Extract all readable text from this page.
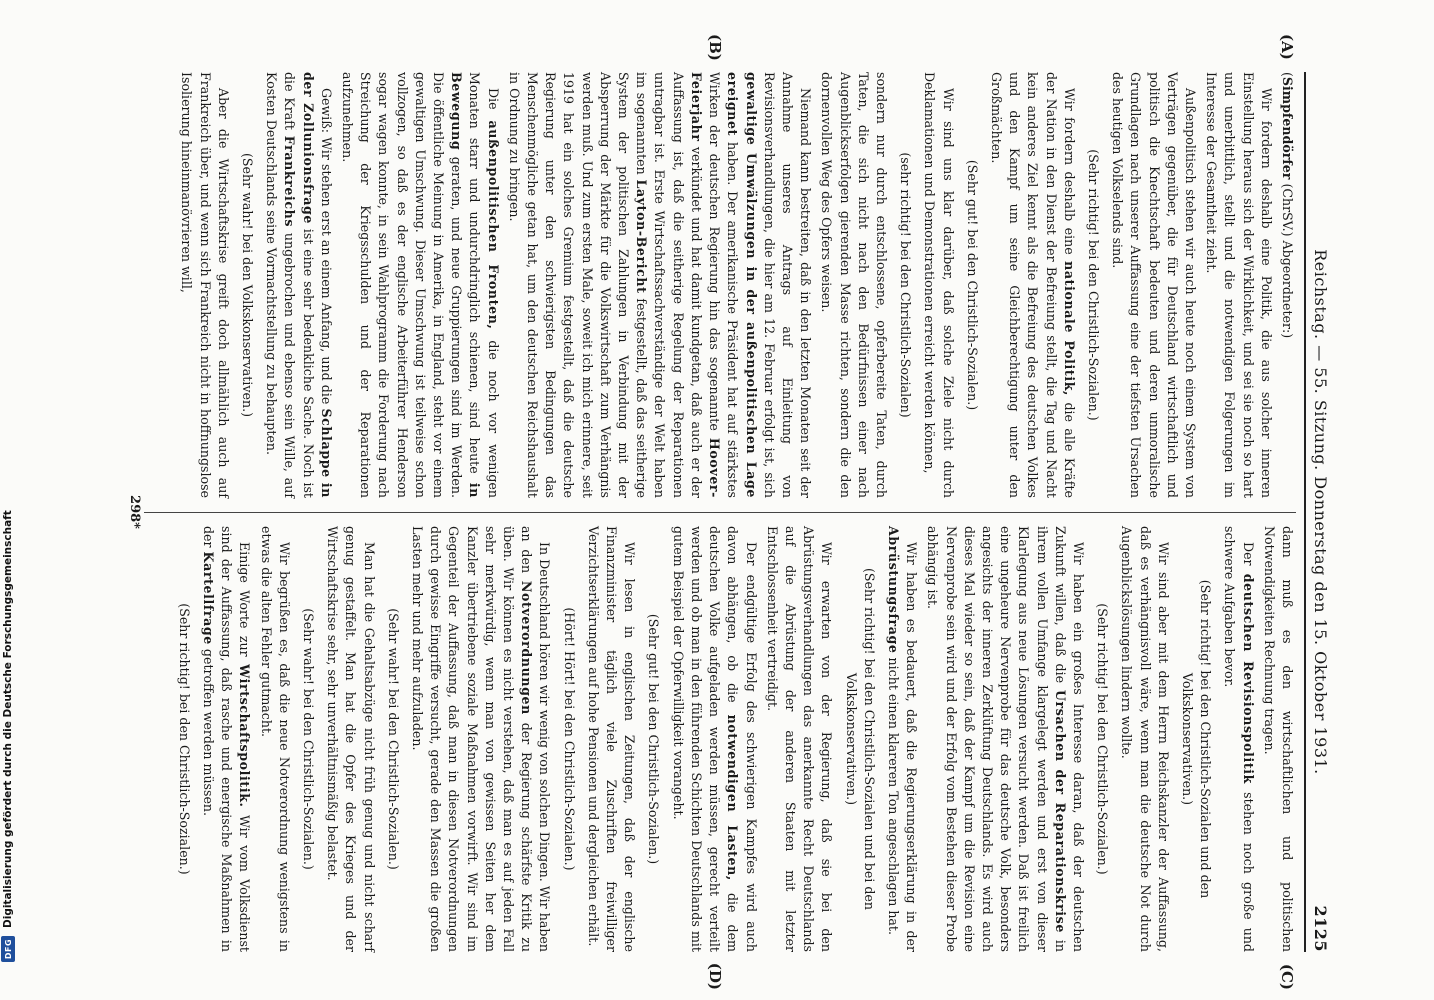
2125
Reichstag. — 55. Sitzung. Donnerstag den 15. Oktober 1931.
(A)
(B)
(C)
(D)

(Simpfendörfer (ChrSV.) Abgeordneter:)

Wir fordern deshalb eine Politik, die aus solcher inneren Einstellung heraus sich der Wirklichkeit, und sei sie noch so hart und unerbittlich, stellt und die notwendigen Folgerungen im Interesse der Gesamtheit zieht.

Außenpolitisch stehen wir auch heute noch einem System von Verträgen gegenüber, die für Deutschland wirtschaftlich und politisch die Knechtschaft bedeuten und deren unmoralische Grundlagen nach unserer Auffassung eine der tiefsten Ursachen des heutigen Volkselends sind.

(Sehr richtig! bei den Christlich-Sozialen.)

Wir fordern deshalb eine nationale Politik, die alle Kräfte der Nation in den Dienst der Befreiung stellt, die Tag und Nacht kein anderes Ziel kennt als die Befreiung des deutschen Volkes und den Kampf um seine Gleichberechtigung unter den Großmächten.

(Sehr gut! bei den Christlich-Sozialen.)

Wir sind uns klar darüber, daß solche Ziele nicht durch Deklamationen und Demonstrationen erreicht werden können,

(sehr richtig! bei den Christlich-Sozialen)

sondern nur durch entschlossene, opferbereite Taten, durch Taten, die sich nicht nach den Bedürfnissen einer nach Augenblickserfolgen gierenden Masse richten, sondern die den dornenvollen Weg des Opfers weisen.

Niemand kann bestreiten, daß in den letzten Monaten seit der Annahme unseres Antrags auf Einleitung von Revisionsverhandlungen, die hier am 12. Februar erfolgt ist, sich gewaltige Umwälzungen in der außenpolitischen Lage ereignet haben. Der amerikanische Präsident hat auf stärkstes Wirken der deutschen Regierung hin das sogenannte Hoover-Feierjahr verkündet und hat damit kundgetan, daß auch er der Auffassung ist, daß die seitherige Regelung der Reparationen untragbar ist. Erste Wirtschaftssachverständige der Welt haben im sogenannten Layton-Bericht festgestellt, daß das seitherige System der politischen Zahlungen in Verbindung mit der Absperrung der Märkte für die Volkswirtschaft zum Verhängnis werden muß. Und zum ersten Male, soweit ich mich erinnere, seit 1919 hat ein solches Gremium festgestellt, daß die deutsche Regierung unter den schwierigsten Bedingungen das Menschenmögliche getan hat, um den deutschen Reichshaushalt in Ordnung zu bringen.

Die außenpolitischen Fronten, die noch vor wenigen Monaten starr und undurchdringlich schienen, sind heute in Bewegung geraten, und neue Gruppierungen sind im Werden. Die öffentliche Meinung in Amerika, in England, steht vor einem gewaltigen Umschwung. Dieser Umschwung ist teilweise schon vollzogen, so daß es der englische Arbeiterführer Henderson sogar wagen konnte, in sein Wahlprogramm die Forderung nach Streichung der Kriegsschulden und der Reparationen aufzunehmen.

Gewiß: Wir stehen erst an einem Anfang, und die Schlappe in der Zollunionsfrage ist eine sehr bedenkliche Sache. Noch ist die Kraft Frankreichs ungebrochen und ebenso sein Wille, auf Kosten Deutschlands seine Vormachtstellung zu behaupten.

(Sehr wahr! bei den Volkskonservativen.)

Aber die Wirtschaftskrise greift doch allmählich auch auf Frankreich über, und wenn sich Frankreich nicht in hoffnungslose Isolierung hineinmanövrieren will,

dann muß es den wirtschaftlichen und politischen Notwendigkeiten Rechnung tragen.

Der deutschen Revisionspolitik stehen noch große und schwere Aufgaben bevor.

(Sehr richtig! bei den Christlich-Sozialen und den Volkskonservativen.)

Wir sind aber mit dem Herrn Reichskanzler der Auffassung, daß es verhängnisvoll wäre, wenn man die deutsche Not durch Augenblickslösungen lindern wollte.

(Sehr richtig! bei den Christlich-Sozialen.)

Wir haben ein großes Interesse daran, daß der deutschen Zukunft willen, daß die Ursachen der Reparationskrise in ihrem vollen Umfange klargelegt werden und erst von dieser Klarlegung aus neue Lösungen versucht werden. Daß ist freilich eine ungeheure Nervenprobe für das deutsche Volk, besonders angesichts der inneren Zerklüftung Deutschlands. Es wird auch dieses Mal wieder so sein, daß der Kampf um die Revision eine Nervenprobe sein wird und der Erfolg vom Bestehen dieser Probe abhängig ist.

Wir haben es bedauert, daß die Regierungserklärung in der Abrüstungsfrage nicht einen klareren Ton angeschlagen hat.

(Sehr richtig! bei den Christlich-Sozialen und bei den Volkskonservativen.)

Wir erwarten von der Regierung, daß sie bei den Abrüstungsverhandlungen das anerkannte Recht Deutschlands auf die Abrüstung der anderen Staaten mit letzter Entschlossenheit vertreidigt.

Der endgültige Erfolg des schwierigen Kampfes wird auch davon abhängen, ob die notwendigen Lasten, die dem deutschen Volke aufgeladen werden müssen, gerecht verteilt werden und ob man in den führenden Schichten Deutschlands mit gutem Beispiel der Opferwilligkeit vorangeht.

(Sehr gut! bei den Christlich-Sozialen.)

Wir lesen in englischen Zeitungen, daß der englische Finanzminister täglich viele Zuschriften freiwilliger Verzichtserklärungen auf hohe Pensionen und dergleichen erhält.

(Hört! Hört! bei den Christlich-Sozialen.)

In Deutschland hören wir wenig von solchen Dingen. Wir haben an den Notverordnungen der Regierung schärfste Kritik zu üben. Wir können es nicht verstehen, daß man es auf jeden Fall sehr merkwürdig, wenn man von gewissen Seiten her dem Kanzler übertriebene soziale Maßnahmen vorwirft. Wir sind im Gegenteil der Auffassung, daß man in diesen Notverordnungen durch gewisse Eingriffe versucht, gerade den Massen die großen Lasten mehr und mehr aufzuladen.

(Sehr wahr! bei den Christlich-Sozialen.)

Man hat die Gehaltsabzüge nicht früh genug und nicht scharf genug gestaffelt. Man hat die Opfer des Krieges und der Wirtschaftskrise sehr, sehr unverhältnismäßig belastet.

(Sehr wahr! bei den Christlich-Sozialen.)

Wir begrüßen es, daß die neue Notverordnung wenigstens in etwas die alten Fehler gutmacht.

Einige Worte zur Wirtschaftspolitik. Wir vom Volksdienst sind der Auffassung, daß rasche und energische Maßnahmen in der Kartellfrage getroffen werden müssen.

(Sehr richtig! bei den Christlich-Sozialen.)

298*
DFG
Digitalisierung gefördert durch die Deutsche Forschungsgemeinschaft
